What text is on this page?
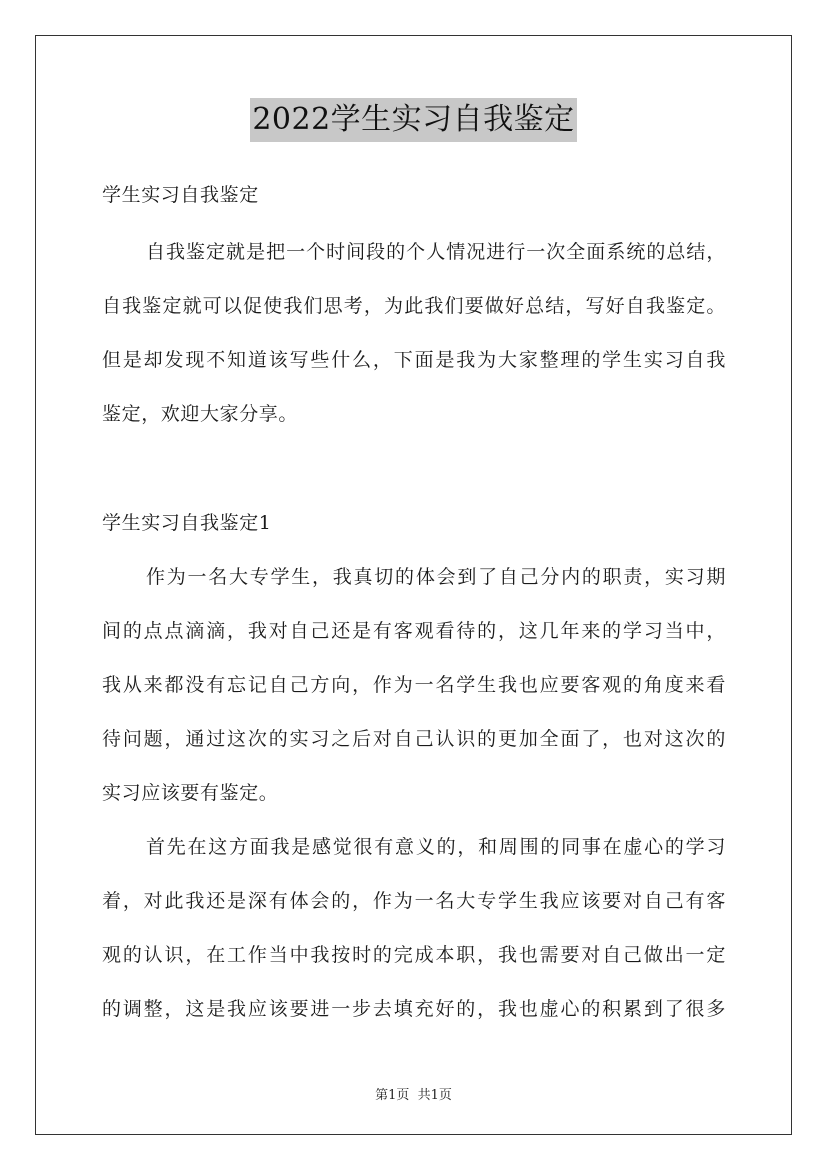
2022学生实习自我鉴定
学生实习自我鉴定
自我鉴定就是把一个时间段的个人情况进行一次全面系统的总结，
自我鉴定就可以促使我们思考，为此我们要做好总结，写好自我鉴定。
但是却发现不知道该写些什么，下面是我为大家整理的学生实习自我
鉴定，欢迎大家分享。
学生实习自我鉴定1
作为一名大专学生，我真切的体会到了自己分内的职责，实习期
间的点点滴滴，我对自己还是有客观看待的，这几年来的学习当中，
我从来都没有忘记自己方向，作为一名学生我也应要客观的角度来看
待问题，通过这次的实习之后对自己认识的更加全面了，也对这次的
实习应该要有鉴定。
首先在这方面我是感觉很有意义的，和周围的同事在虚心的学习
着，对此我还是深有体会的，作为一名大专学生我应该要对自己有客
观的认识，在工作当中我按时的完成本职，我也需要对自己做出一定
的调整，这是我应该要进一步去填充好的，我也虚心的积累到了很多
第1页  共1页
